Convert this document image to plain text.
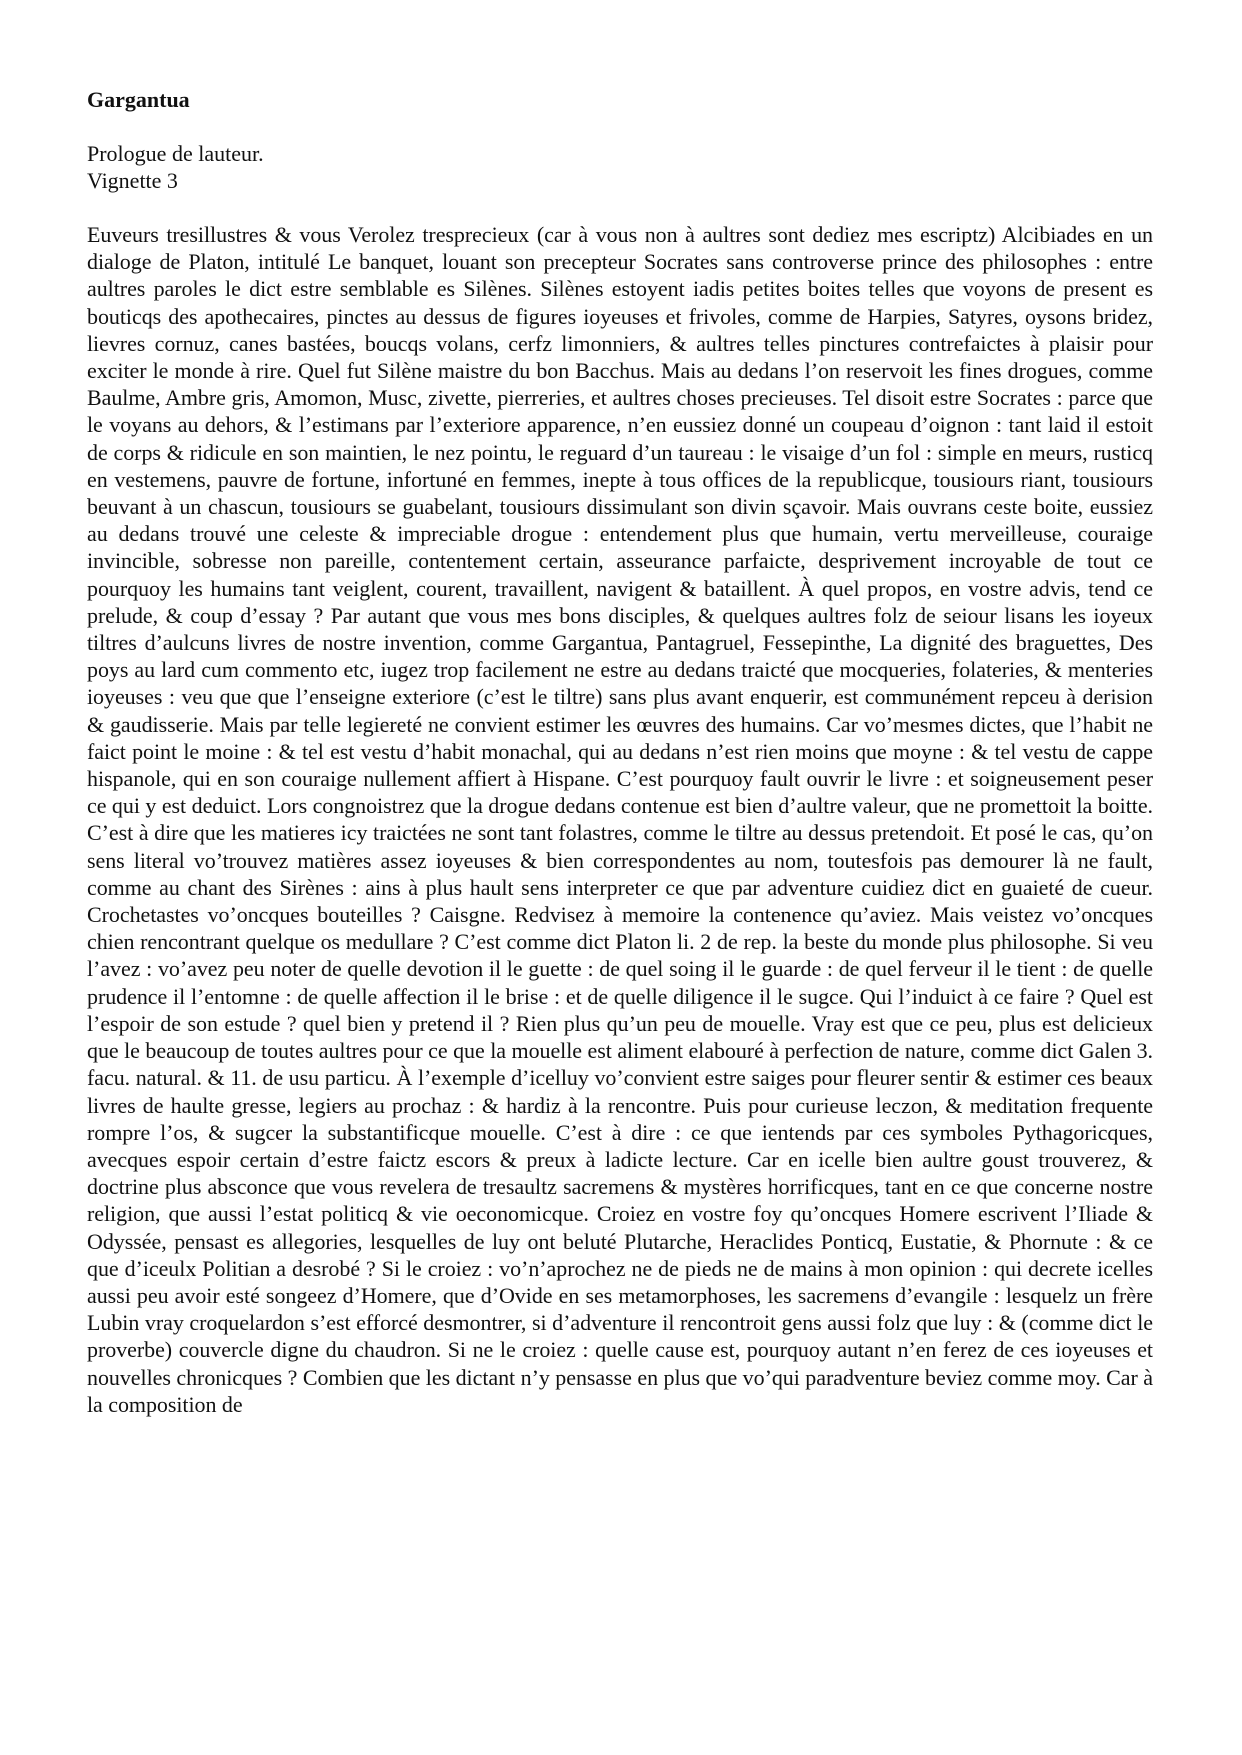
Gargantua
Prologue de lauteur.
Vignette 3

Euveurs tresillustres & vous Verolez tresprecieux (car à vous non à aultres sont dediez mes escriptz) Alcibiades en un dialoge de Platon, intitulé Le banquet, louant son precepteur Socrates sans controverse prince des philosophes : entre aultres paroles le dict estre semblable es Silènes. Silènes estoyent iadis petites boites telles que voyons de present es bouticqs des apothecaires, pinctes au dessus de figures ioyeuses et frivoles, comme de Harpies, Satyres, oysons bridez, lievres cornuz, canes bastées, boucqs volans, cerfz limonniers, & aultres telles pinctures contrefaictes à plaisir pour exciter le monde à rire. Quel fut Silène maistre du bon Bacchus. Mais au dedans l’on reservoit les fines drogues, comme Baulme, Ambre gris, Amomon, Musc, zivette, pierreries, et aultres choses precieuses. Tel disoit estre Socrates : parce que le voyans au dehors, & l’estimans par l’exteriore apparence, n’en eussiez donné un coupeau d’oignon : tant laid il estoit de corps & ridicule en son maintien, le nez pointu, le reguard d’un taureau : le visaige d’un fol : simple en meurs, rusticq en vestemens, pauvre de fortune, infortuné en femmes, inepte à tous offices de la republicque, tousiours riant, tousiours beuvant à un chascun, tousiours se guabelant, tousiours dissimulant son divin sçavoir. Mais ouvrans ceste boite, eussiez au dedans trouvé une celeste & impreciable drogue : entendement plus que humain, vertu merveilleuse, couraige invincible, sobresse non pareille, contentement certain, asseurance parfaicte, desprivement incroyable de tout ce pourquoy les humains tant veiglent, courent, travaillent, navigent & bataillent. À quel propos, en vostre advis, tend ce prelude, & coup d’essay ? Par autant que vous mes bons disciples, & quelques aultres folz de seiour lisans les ioyeux tiltres d’aulcuns livres de nostre invention, comme Gargantua, Pantagruel, Fessepinthe, La dignité des braguettes, Des poys au lard cum commento etc, iugez trop facilement ne estre au dedans traicté que mocqueries, folateries, & menteries ioyeuses : veu que que l’enseigne exteriore (c’est le tiltre) sans plus avant enquerir, est communément repceu à derision & gaudisserie. Mais par telle legiereté ne convient estimer les œuvres des humains. Car vo’mesmes dictes, que l’habit ne faict point le moine : & tel est vestu d’habit monachal, qui au dedans n’est rien moins que moyne : & tel vestu de cappe hispanole, qui en son couraige nullement affiert à Hispane. C’est pourquoy fault ouvrir le livre : et soigneusement peser ce qui y est deduict. Lors congnoistrez que la drogue dedans contenue est bien d’aultre valeur, que ne promettoit la boitte. C’est à dire que les matieres icy traictées ne sont tant folastres, comme le tiltre au dessus pretendoit. Et posé le cas, qu’on sens literal vo’trouvez matières assez ioyeuses & bien correspondentes au nom, toutesfois pas demourer là ne fault, comme au chant des Sirènes : ains à plus hault sens interpreter ce que par adventure cuidiez dict en guaieté de cueur. Crochetastes vo’oncques bouteilles ? Caisgne. Redvisez à memoire la contenence qu’aviez. Mais veistez vo’oncques chien rencontrant quelque os medullare ? C’est comme dict Platon li. 2 de rep. la beste du monde plus philosophe. Si veu l’avez : vo’avez peu noter de quelle devotion il le guette : de quel soing il le guarde : de quel ferveur il le tient : de quelle prudence il l’entomne : de quelle affection il le brise : et de quelle diligence il le sugce. Qui l’induict à ce faire ? Quel est l’espoir de son estude ? quel bien y pretend il ? Rien plus qu’un peu de mouelle. Vray est que ce peu, plus est delicieux que le beaucoup de toutes aultres pour ce que la mouelle est aliment elabouré à perfection de nature, comme dict Galen 3. facu. natural. & 11. de usu particu. À l’exemple d’icelluy vo’convient estre saiges pour fleurer sentir & estimer ces beaux livres de haulte gresse, legiers au prochaz : & hardiz à la rencontre. Puis pour curieuse leczon, & meditation frequente rompre l’os, & sugcer la substantificque mouelle. C’est à dire : ce que ientends par ces symboles Pythagoricques, avecques espoir certain d’estre faictz escors & preux à ladicte lecture. Car en icelle bien aultre goust trouverez, & doctrine plus absconce que vous revelera de tresaultz sacremens & mystères horrificques, tant en ce que concerne nostre religion, que aussi l’estat politicq & vie oeconomicque. Croiez en vostre foy qu’oncques Homere escrivent l’Iliade & Odyssée, pensast es allegories, lesquelles de luy ont beluté Plutarche, Heraclides Ponticq, Eustatie, & Phornute : & ce que d’iceulx Politian a desrobé ? Si le croiez : vo’n’aprochez ne de pieds ne de mains à mon opinion : qui decrete icelles aussi peu avoir esté songeez d’Homere, que d’Ovide en ses metamorphoses, les sacremens d’evangile : lesquelz un frère Lubin vray croquelardon s’est efforcé desmontrer, si d’adventure il rencontroit gens aussi folz que luy : & (comme dict le proverbe) couvercle digne du chaudron. Si ne le croiez : quelle cause est, pourquoy autant n’en ferez de ces ioyeuses et nouvelles chronicques ? Combien que les dictant n’y pensasse en plus que vo’qui paradventure beviez comme moy. Car à la composition de
